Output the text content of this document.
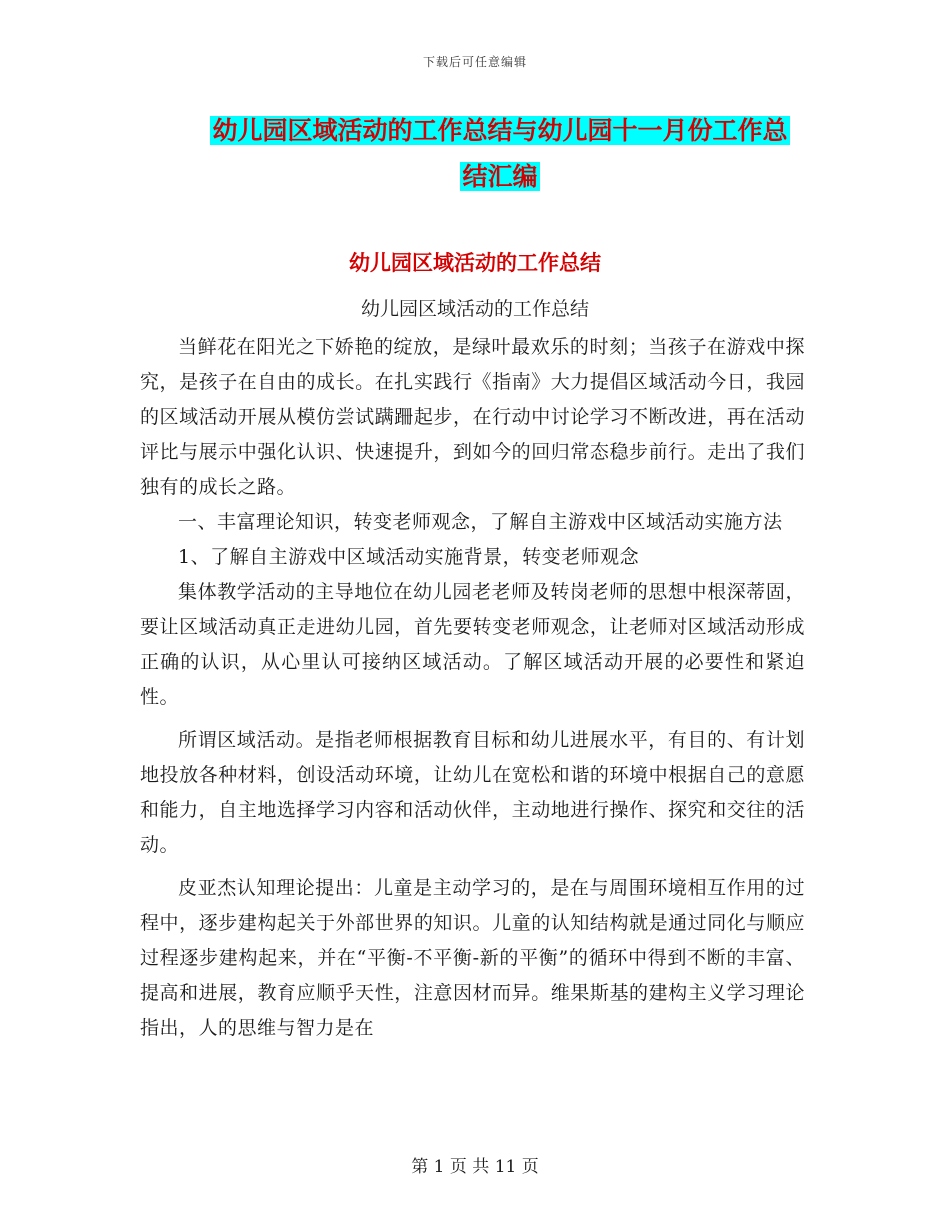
下载后可任意编辑
幼儿园区域活动的工作总结与幼儿园十一月份工作总
结汇编
幼儿园区域活动的工作总结
幼儿园区域活动的工作总结

当鲜花在阳光之下娇艳的绽放，是绿叶最欢乐的时刻；当孩子在游戏中探究，是孩子在自由的成长。在扎实践行《指南》大力提倡区域活动今日，我园的区域活动开展从模仿尝试蹒跚起步，在行动中讨论学习不断改进，再在活动评比与展示中强化认识、快速提升，到如今的回归常态稳步前行。走出了我们独有的成长之路。

一、丰富理论知识，转变老师观念，了解自主游戏中区域活动实施方法

1、了解自主游戏中区域活动实施背景，转变老师观念

集体教学活动的主导地位在幼儿园老老师及转岗老师的思想中根深蒂固，要让区域活动真正走进幼儿园，首先要转变老师观念，让老师对区域活动形成正确的认识，从心里认可接纳区域活动。了解区域活动开展的必要性和紧迫性。

所谓区域活动。是指老师根据教育目标和幼儿进展水平，有目的、有计划地投放各种材料，创设活动环境，让幼儿在宽松和谐的环境中根据自己的意愿和能力，自主地选择学习内容和活动伙伴，主动地进行操作、探究和交往的活动。

皮亚杰认知理论提出：儿童是主动学习的，是在与周围环境相互作用的过程中，逐步建构起关于外部世界的知识。儿童的认知结构就是通过同化与顺应过程逐步建构起来，并在“平衡-不平衡-新的平衡”的循环中得到不断的丰富、提高和进展，教育应顺乎天性，注意因材而异。维果斯基的建构主义学习理论指出，人的思维与智力是在

第 1 页 共 11 页
